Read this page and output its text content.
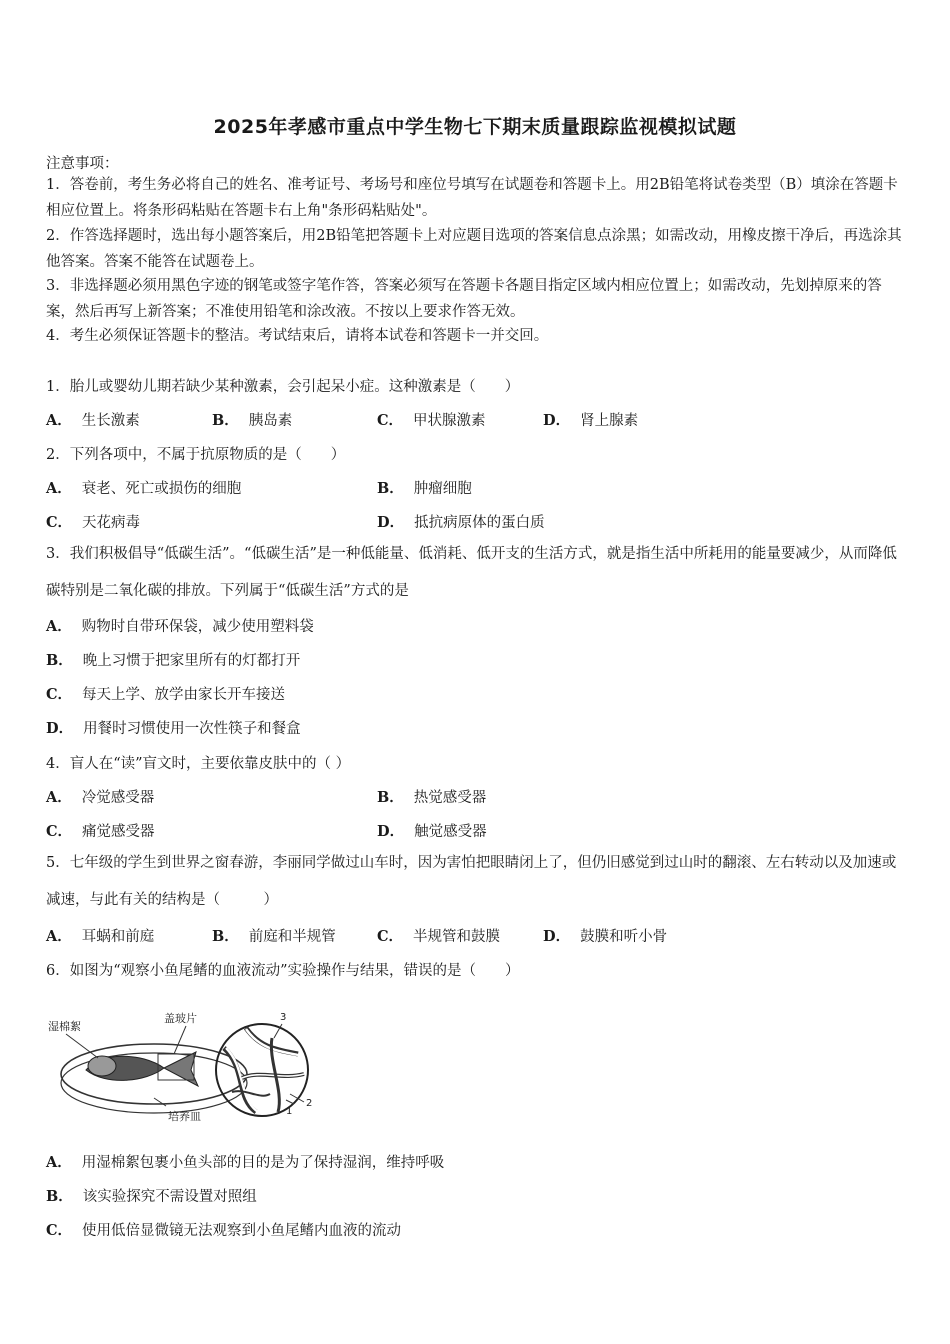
2025年孝感市重点中学生物七下期末质量跟踪监视模拟试题
注意事项：
1．答卷前，考生务必将自己的姓名、准考证号、考场号和座位号填写在试题卷和答题卡上。用2B铅笔将试卷类型（B）填涂在答题卡相应位置上。将条形码粘贴在答题卡右上角"条形码粘贴处"。
2．作答选择题时，选出每小题答案后，用2B铅笔把答题卡上对应题目选项的答案信息点涂黑；如需改动，用橡皮擦干净后，再选涂其他答案。答案不能答在试题卷上。
3．非选择题必须用黑色字迹的钢笔或签字笔作答，答案必须写在答题卡各题目指定区域内相应位置上；如需改动，先划掉原来的答案，然后再写上新答案；不准使用铅笔和涂改液。不按以上要求作答无效。
4．考生必须保证答题卡的整洁。考试结束后，请将本试卷和答题卡一并交回。
1．胎儿或婴幼儿期若缺少某种激素，会引起呆小症。这种激素是（　　）
A． 生长激素	B． 胰岛素	C． 甲状腺激素	D． 肾上腺素
2．下列各项中，不属于抗原物质的是（　　）
A． 衰老、死亡或损伤的细胞	B． 肿瘤细胞
C． 天花病毒	D． 抵抗病原体的蛋白质
3．我们积极倡导“低碳生活”。“低碳生活”是一种低能量、低消耗、低开支的生活方式，就是指生活中所耗用的能量要减少，从而降低碳特别是二氧化碳的排放。下列属于“低碳生活”方式的是
A． 购物时自带环保袋，减少使用塑料袋
B． 晚上习惯于把家里所有的灯都打开
C． 每天上学、放学由家长开车接送
D． 用餐时习惯使用一次性筷子和餐盒
4．盲人在“读”盲文时，主要依靠皮肤中的（ ）
A． 冷觉感受器	B． 热觉感受器
C． 痛觉感受器	D． 触觉感受器
5．七年级的学生到世界之窗春游，李丽同学做过山车时，因为害怕把眼睛闭上了，但仍旧感觉到过山时的翻滚、左右转动以及加速或减速，与此有关的结构是（　　　）
A． 耳蜗和前庭	B． 前庭和半规管	C． 半规管和鼓膜	D． 鼓膜和听小骨
6．如图为“观察小鱼尾鳍的血液流动”实验操作与结果，错误的是（　　）
湿棉絮
盖玻片
培养皿
3
2
1
A． 用湿棉絮包裹小鱼头部的目的是为了保持湿润，维持呼吸
B． 该实验探究不需设置对照组
C． 使用低倍显微镜无法观察到小鱼尾鳍内血液的流动
